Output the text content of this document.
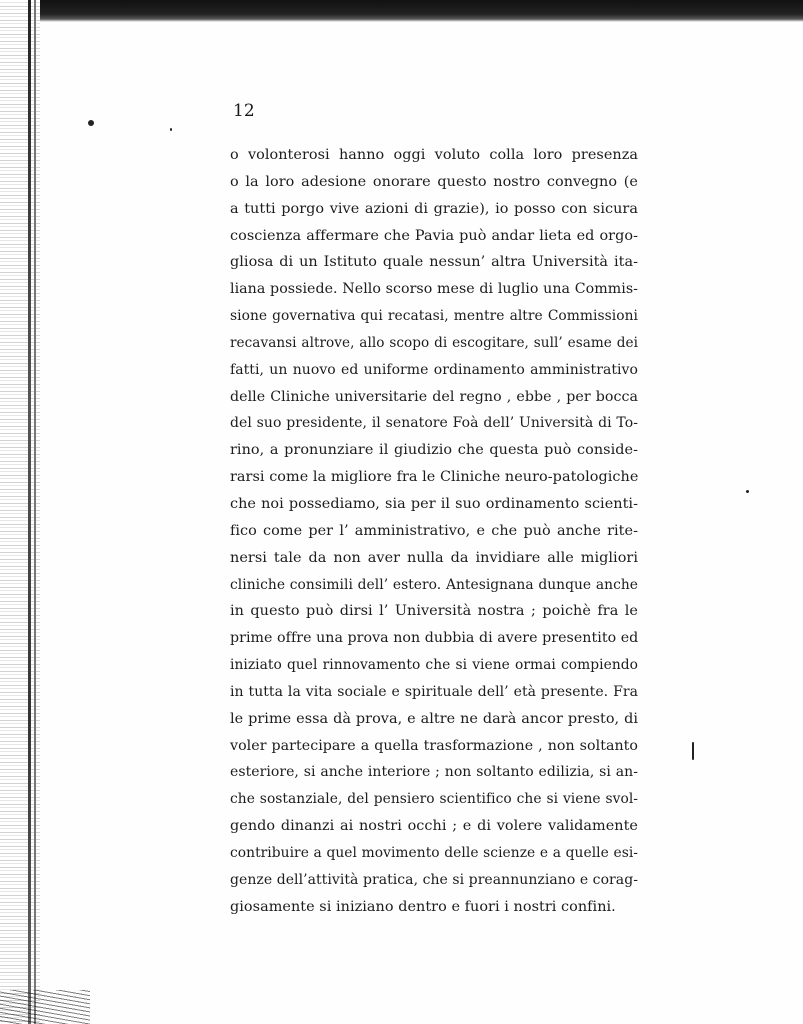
12

o volonterosi hanno oggi voluto colla loro presenza
o la loro adesione onorare questo nostro convegno (e
a tutti porgo vive azioni di grazie), io posso con sicura
coscienza affermare che Pavia può andar lieta ed orgo-
gliosa di un Istituto quale nessun’ altra Università ita-
liana possiede. Nello scorso mese di luglio una Commis-
sione governativa qui recatasi, mentre altre Commissioni
recavansi altrove, allo scopo di escogitare, sull’ esame dei
fatti, un nuovo ed uniforme ordinamento amministrativo
delle Cliniche universitarie del regno , ebbe , per bocca
del suo presidente, il senatore Foà dell’ Università di To-
rino, a pronunziare il giudizio che questa può conside-
rarsi come la migliore fra le Cliniche neuro-patologiche
che noi possediamo, sia per il suo ordinamento scienti-
fico come per l’ amministrativo, e che può anche rite-
nersi tale da non aver nulla da invidiare alle migliori
cliniche consimili dell’ estero. Antesignana dunque anche
in questo può dirsi l’ Università nostra ; poichè fra le
prime offre una prova non dubbia di avere presentito ed
iniziato quel rinnovamento che si viene ormai compiendo
in tutta la vita sociale e spirituale dell’ età presente. Fra
le prime essa dà prova, e altre ne darà ancor presto, di
voler partecipare a quella trasformazione , non soltanto
esteriore, si anche interiore ; non soltanto edilizia, si an-
che sostanziale, del pensiero scientifico che si viene svol-
gendo dinanzi ai nostri occhi ; e di volere validamente
contribuire a quel movimento delle scienze e a quelle esi-
genze dell’attività pratica, che si preannunziano e corag-
giosamente si iniziano dentro e fuori i nostri confini.
